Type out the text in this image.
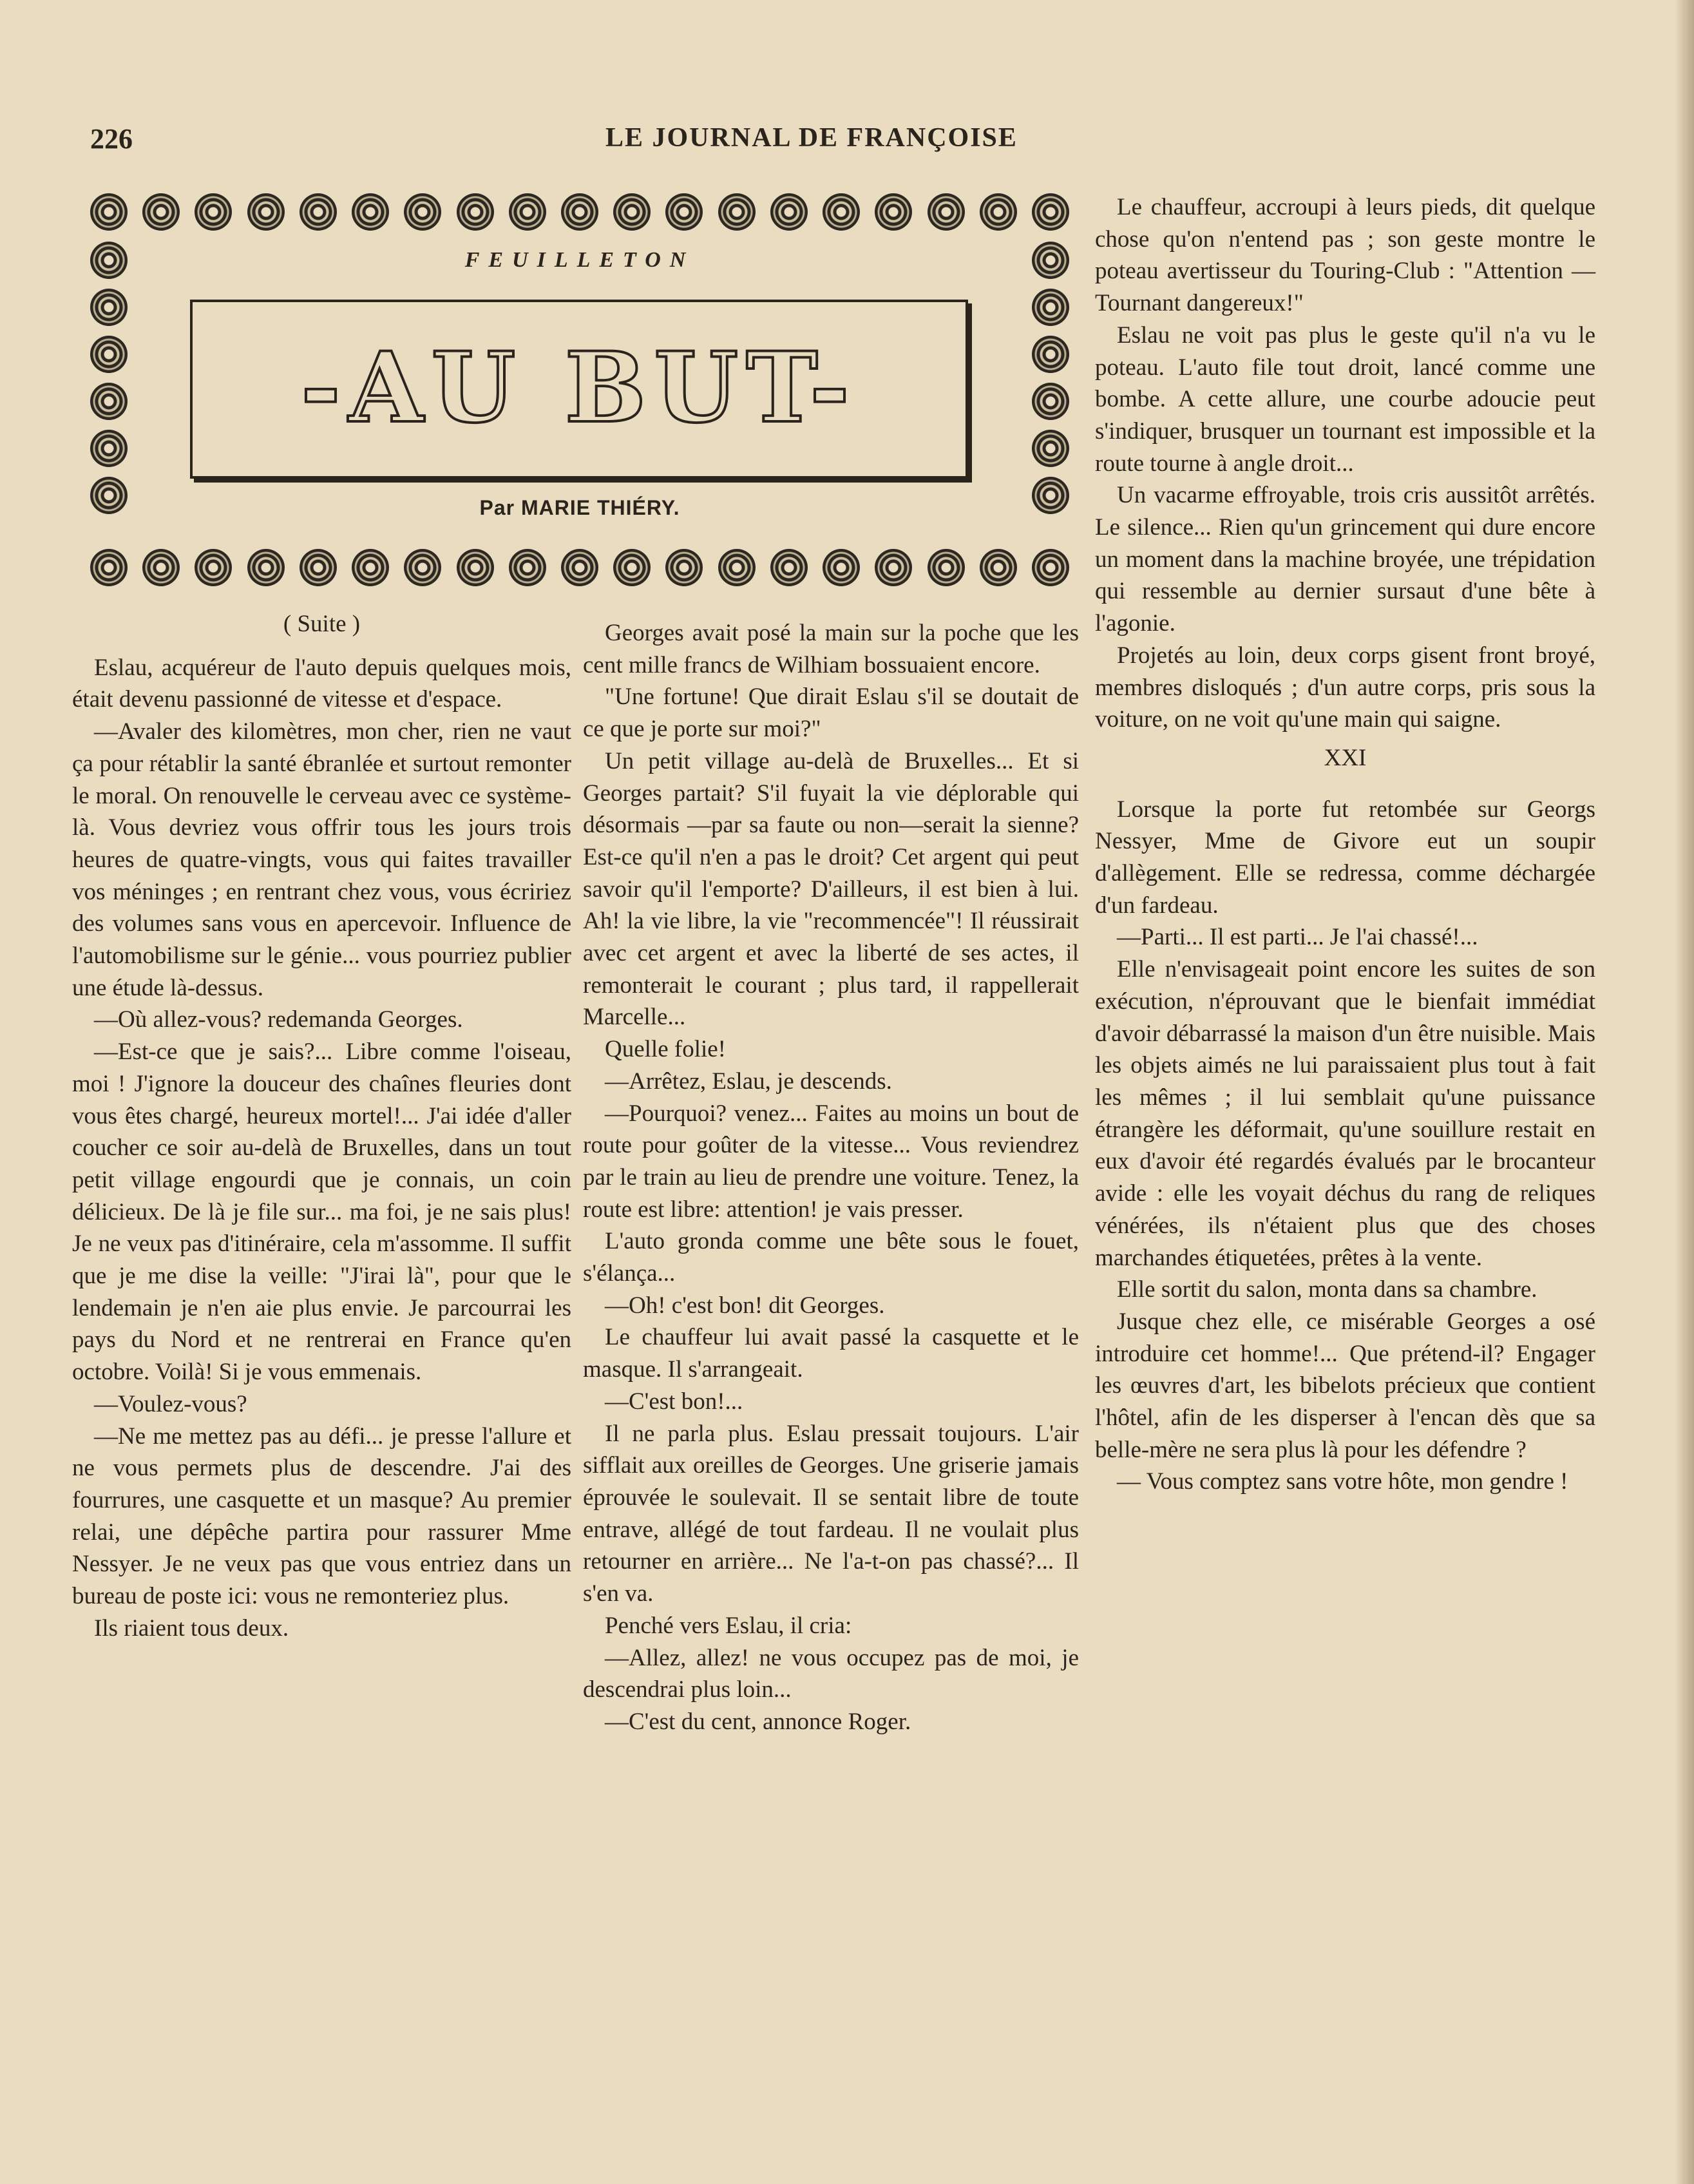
226	LE JOURNAL DE FRANÇOISE
FEUILLETON
-AU BUT-
Par MARIE THIÉRY.

( Suite )

Eslau, acquéreur de l'auto depuis quelques mois, était devenu passionné de vitesse et d'espace.

—Avaler des kilomètres, mon cher, rien ne vaut ça pour rétablir la santé ébranlée et surtout remonter le moral. On renouvelle le cerveau avec ce système-là. Vous devriez vous offrir tous les jours trois heures de quatre-vingts, vous qui faites travailler vos méninges ; en rentrant chez vous, vous écririez des volumes sans vous en apercevoir. Influence de l'automobilisme sur le génie... vous pourriez publier une étude là-dessus.

—Où allez-vous? redemanda Georges.

—Est-ce que je sais?... Libre comme l'oiseau, moi ! J'ignore la douceur des chaînes fleuries dont vous êtes chargé, heureux mortel!... J'ai idée d'aller coucher ce soir au-delà de Bruxelles, dans un tout petit village engourdi que je connais, un coin délicieux. De là je file sur... ma foi, je ne sais plus! Je ne veux pas d'itinéraire, cela m'assomme. Il suffit que je me dise la veille: "J'irai là", pour que le lendemain je n'en aie plus envie. Je parcourrai les pays du Nord et ne rentrerai en France qu'en octobre. Voilà! Si je vous emmenais.

—Voulez-vous?

—Ne me mettez pas au défi... je presse l'allure et ne vous permets plus de descendre. J'ai des fourrures, une casquette et un masque? Au premier relai, une dépêche partira pour rassurer Mme Nessyer. Je ne veux pas que vous entriez dans un bureau de poste ici: vous ne remonteriez plus.

Ils riaient tous deux.

Georges avait posé la main sur la poche que les cent mille francs de Wilhiam bossuaient encore.

"Une fortune! Que dirait Eslau s'il se doutait de ce que je porte sur moi?"

Un petit village au-delà de Bruxelles... Et si Georges partait? S'il fuyait la vie déplorable qui désormais —par sa faute ou non—serait la sienne? Est-ce qu'il n'en a pas le droit? Cet argent qui peut savoir qu'il l'emporte? D'ailleurs, il est bien à lui. Ah! la vie libre, la vie "recommencée"! Il réussirait avec cet argent et avec la liberté de ses actes, il remonterait le courant ; plus tard, il rappellerait Marcelle...

Quelle folie!

—Arrêtez, Eslau, je descends.

—Pourquoi? venez... Faites au moins un bout de route pour goûter de la vitesse... Vous reviendrez par le train au lieu de prendre une voiture. Tenez, la route est libre: attention! je vais presser.

L'auto gronda comme une bête sous le fouet, s'élança...

—Oh! c'est bon! dit Georges.

Le chauffeur lui avait passé la casquette et le masque. Il s'arrangeait.

—C'est bon!...

Il ne parla plus. Eslau pressait toujours. L'air sifflait aux oreilles de Georges. Une griserie jamais éprouvée le soulevait. Il se sentait libre de toute entrave, allégé de tout fardeau. Il ne voulait plus retourner en arrière... Ne l'a-t-on pas chassé?... Il s'en va.

Penché vers Eslau, il cria:

—Allez, allez! ne vous occupez pas de moi, je descendrai plus loin...

—C'est du cent, annonce Roger.

Le chauffeur, accroupi à leurs pieds, dit quelque chose qu'on n'entend pas ; son geste montre le poteau avertisseur du Touring-Club : "Attention — Tournant dangereux!"

Eslau ne voit pas plus le geste qu'il n'a vu le poteau. L'auto file tout droit, lancé comme une bombe. A cette allure, une courbe adoucie peut s'indiquer, brusquer un tournant est impossible et la route tourne à angle droit...

Un vacarme effroyable, trois cris aussitôt arrêtés. Le silence... Rien qu'un grincement qui dure encore un moment dans la machine broyée, une trépidation qui ressemble au dernier sursaut d'une bête à l'agonie.

Projetés au loin, deux corps gisent front broyé, membres disloqués ; d'un autre corps, pris sous la voiture, on ne voit qu'une main qui saigne.

XXI

Lorsque la porte fut retombée sur Georgs Nessyer, Mme de Givore eut un soupir d'allègement. Elle se redressa, comme déchargée d'un fardeau.

—Parti... Il est parti... Je l'ai chassé!...

Elle n'envisageait point encore les suites de son exécution, n'éprouvant que le bienfait immédiat d'avoir débarrassé la maison d'un être nuisible. Mais les objets aimés ne lui paraissaient plus tout à fait les mêmes ; il lui semblait qu'une puissance étrangère les déformait, qu'une souillure restait en eux d'avoir été regardés évalués par le brocanteur avide : elle les voyait déchus du rang de reliques vénérées, ils n'étaient plus que des choses marchandes étiquetées, prêtes à la vente.

Elle sortit du salon, monta dans sa chambre.

Jusque chez elle, ce misérable Georges a osé introduire cet homme!... Que prétend-il? Engager les œuvres d'art, les bibelots précieux que contient l'hôtel, afin de les disperser à l'encan dès que sa belle-mère ne sera plus là pour les défendre ?

— Vous comptez sans votre hôte, mon gendre !
